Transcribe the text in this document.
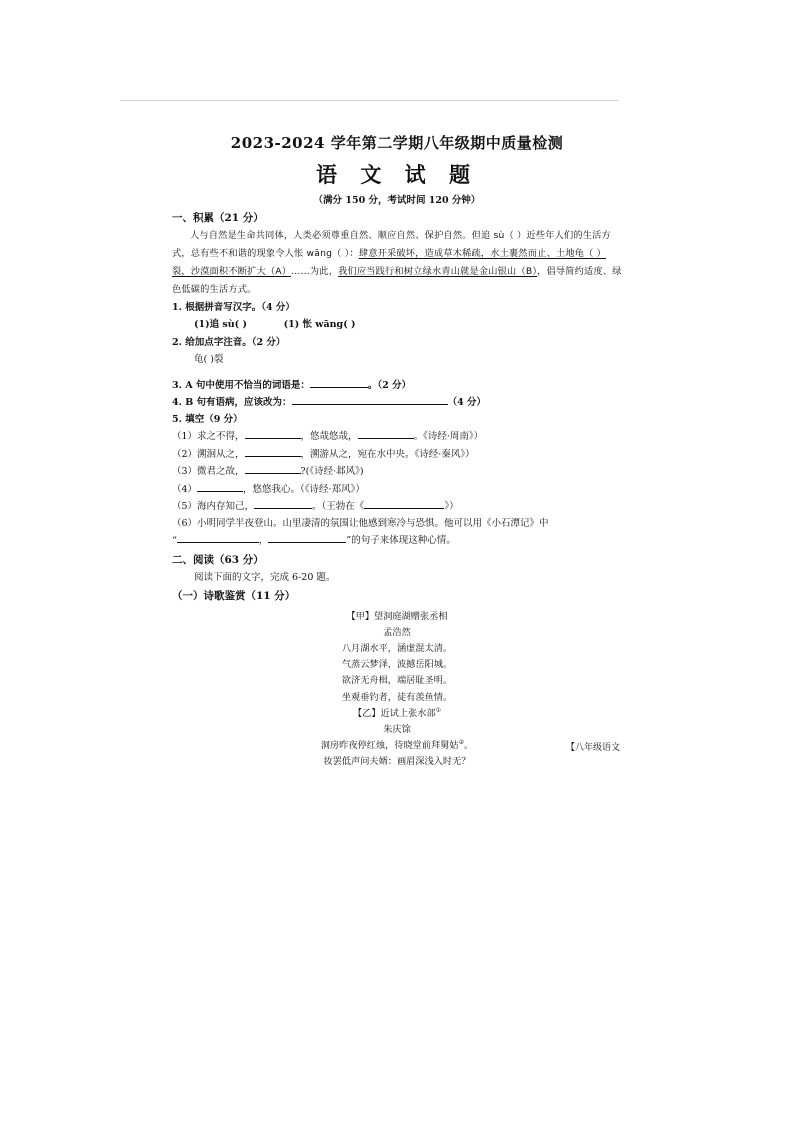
2023-2024 学年第二学期八年级期中质量检测
语 文 试 题
（满分 150 分，考试时间 120 分钟）
一、积累（21 分）
人与自然是生命共同体，人类必须尊重自然、顺应自然、保护自然。但追 sù（ ）近些年人们的生活方式，总有些不和谐的现象令人怅 wāng（ ）：肆意开采破坏，造成草木稀疏，水土裹然而止、土地龟（ ）裂，沙漠面积不断扩大（A）……为此，我们应当践行和树立绿水青山就是金山银山（B），倡导简约适度、绿色低碳的生活方式。
1. 根据拼音写汉字。（4 分）
(1)追 sù( )	(1) 怅 wāng( )
2. 给加点字注音。（2 分）
龟( )裂
3. A 句中使用不恰当的词语是：	。（2 分）
4. B 句有语病，应该改为：	（4 分）
5. 填空（9 分）
（1）求之不得，	，悠哉悠哉，	。《诗经·周南》）
（2）溯洄从之，	，溯游从之，宛在水中央。《诗经·秦风》）
（3）微君之故，	?(《诗经·邶风》)
（4）	，悠悠我心。（《诗经·郑风》）
（5）海内存知己，	。（王勃在《	》）
（6）小明同学半夜登山。山里凄清的氛围让他感到寒冷与恐惧。他可以用《小石潭记》中
“	，	”的句子来体现这种心情。
二、阅读（63 分）
阅读下面的文字，完成 6-20 题。
（一）诗歌鉴赏（11 分）
【甲】望洞庭湖赠张丞相
孟浩然
八月湖水平，涵虚混太清。
气蒸云梦泽，波撼岳阳城。
欲济无舟楫，端居耻圣明。
坐观垂钓者，徒有羡鱼情。
【乙】近试上张水部①
朱庆馀
洞房昨夜停红烛，待晓堂前拜舅姑②。
妆罢低声问夫婿：画眉深浅入时无？
【八年级语文
